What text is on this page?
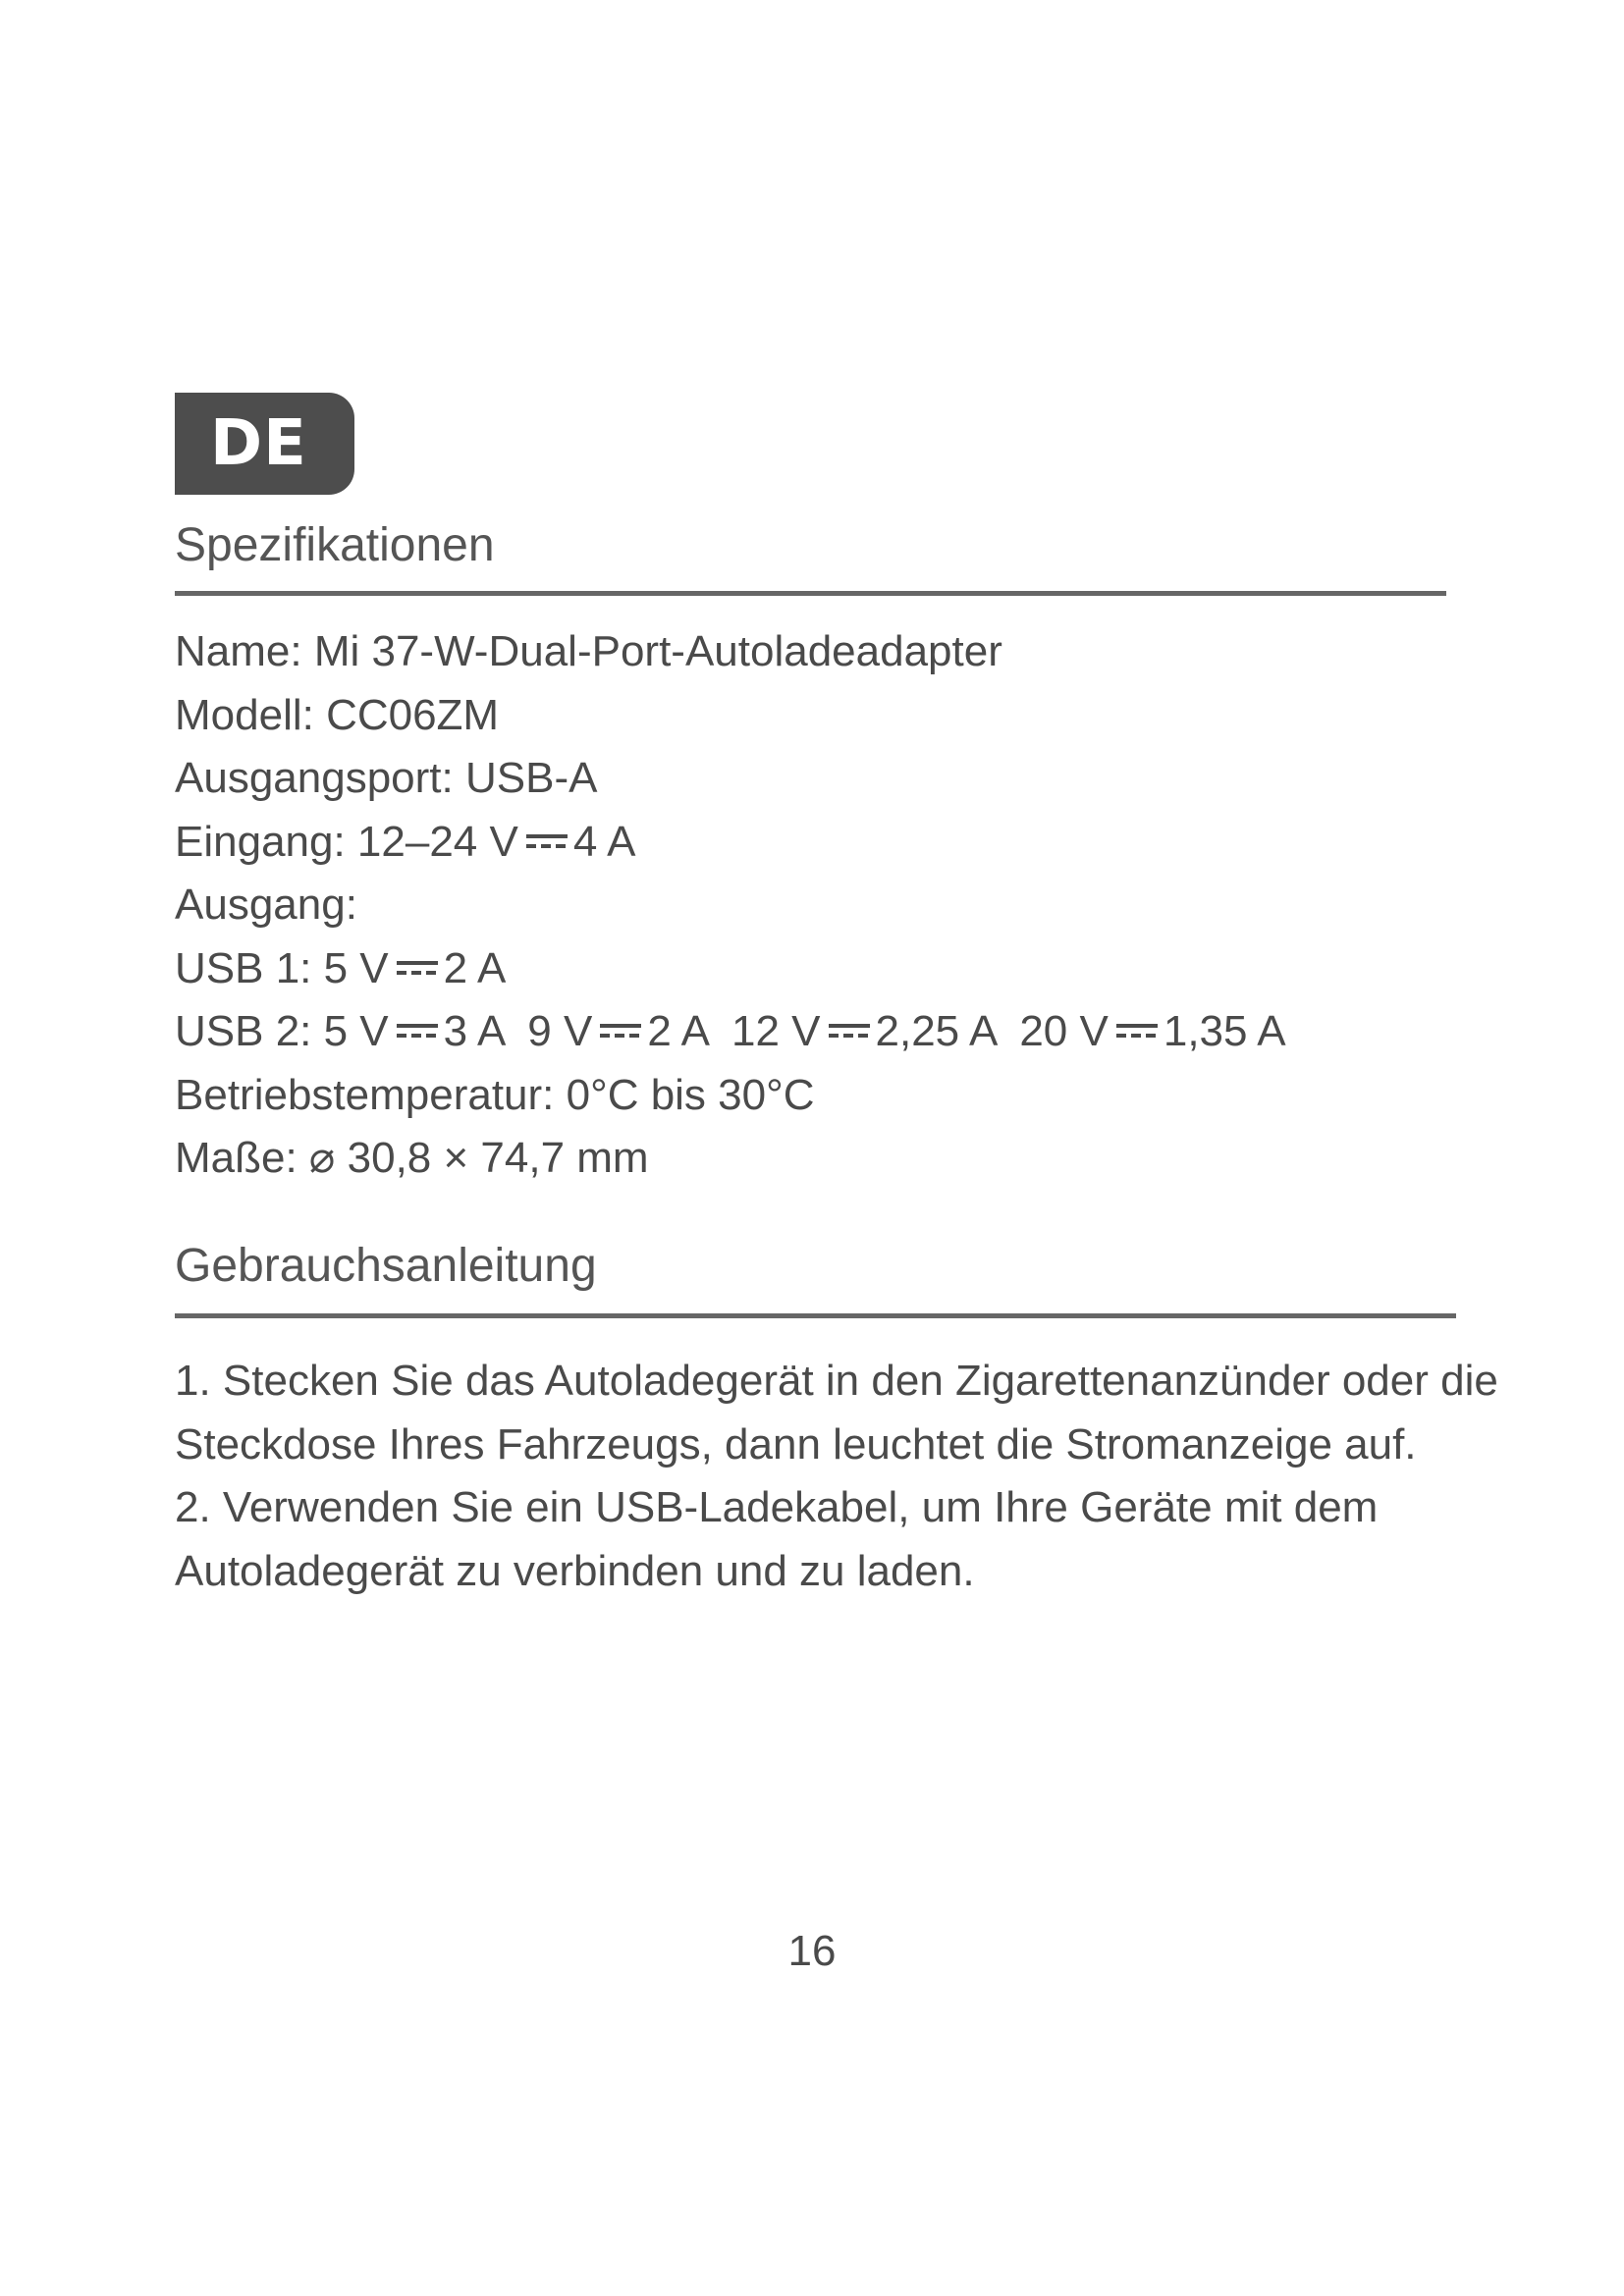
DE
Spezifikationen
Name: Mi 37-W-Dual-Port-Autoladeadapter
Modell: CC06ZM
Ausgangsport: USB-A
Eingang: 12–24 V 4 A
Ausgang:
USB 1: 5 V 2 A
USB 2: 5 V 3 A  9 V 2 A  12 V 2,25 A  20 V 1,35 A
Betriebstemperatur: 0°C bis 30°C
Maße: ⌀ 30,8 × 74,7 mm
Gebrauchsanleitung
1. Stecken Sie das Autoladegerät in den Zigarettenanzünder oder die Steckdose Ihres Fahrzeugs, dann leuchtet die Stromanzeige auf.
2. Verwenden Sie ein USB-Ladekabel, um Ihre Geräte mit dem Autoladegerät zu verbinden und zu laden.
16
